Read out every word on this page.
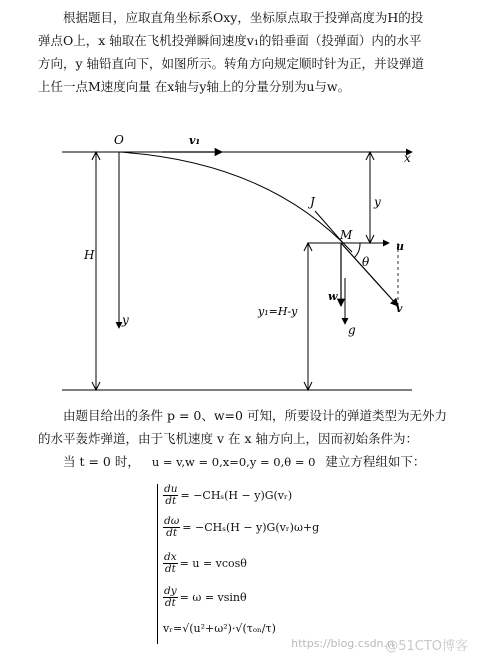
根据题目，应取直角坐标系Oxy，坐标原点取于投弹高度为H的投

弹点O上，x 轴取在飞机投弹瞬间速度v₁的铅垂面（投弹面）内的水平
方向，y 轴铅直向下，如图所示。转角方向规定顺时针为正，并设弹道
上任一点M速度向量 在x轴与y轴上的分量分别为u与w。
O
x
v₁
H
y
y
J
M
u
θ
w
v
g
y₁=H-y

由题目给出的条件 p = 0、w=0 可知，所要设计的弹道类型为无外力

的水平轰炸弹道，由于飞机速度 v 在 x 轴方向上，因而初始条件为：

当 t = 0 时， u = v,w = 0,x=0,y = 0,θ = 0 建立方程组如下：

$\frac{du}{dt} = -CH_s(H$ − y)G(vᵣ)
$\frac{d\omega}{dt} = -CH_s(H$ − y)G(vᵣ)ω+g
$\frac{dx}{dt} = u = vcos\theta$
$\frac{dy}{dt} = \omega = vsin\theta$
vᵣ=√(u²+ω²)·√(τₒₙ/τ)
https://blog.csdn.n
@51CTO博客
